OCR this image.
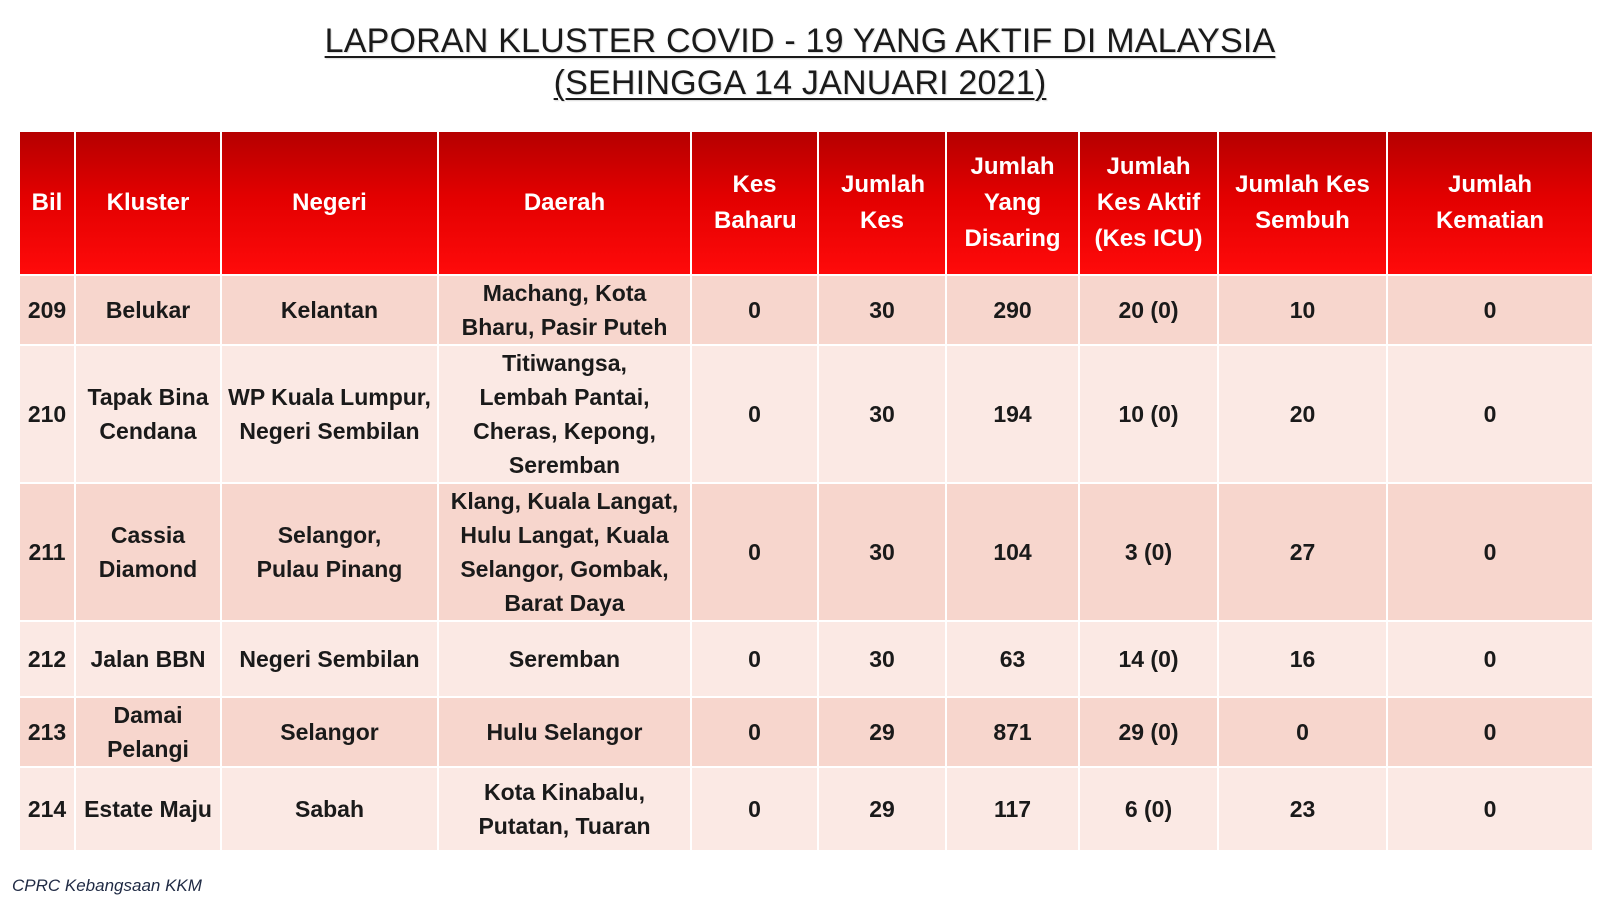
LAPORAN KLUSTER COVID - 19 YANG AKTIF DI MALAYSIA
(SEHINGGA 14 JANUARI 2021)
Bil	Kluster	Negeri	Daerah	Kes Baharu	Jumlah Kes	Jumlah Yang Disaring	Jumlah Kes Aktif (Kes ICU)	Jumlah Kes Sembuh	Jumlah Kematian
209	Belukar	Kelantan	Machang, Kota Bharu, Pasir Puteh	0	30	290	20 (0)	10	0
210	Tapak Bina Cendana	WP Kuala Lumpur, Negeri Sembilan	Titiwangsa, Lembah Pantai, Cheras, Kepong, Seremban	0	30	194	10 (0)	20	0
211	Cassia Diamond	Selangor, Pulau Pinang	Klang, Kuala Langat, Hulu Langat, Kuala Selangor, Gombak, Barat Daya	0	30	104	3 (0)	27	0
212	Jalan BBN	Negeri Sembilan	Seremban	0	30	63	14 (0)	16	0
213	Damai Pelangi	Selangor	Hulu Selangor	0	29	871	29 (0)	0	0
214	Estate Maju	Sabah	Kota Kinabalu, Putatan, Tuaran	0	29	117	6 (0)	23	0
CPRC Kebangsaan KKM
